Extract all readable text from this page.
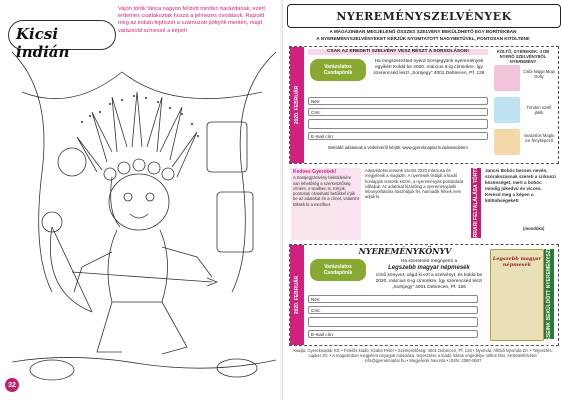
Kicsi indián
Vajon török tánca nagyon felizett minden barázdának, ezért érdemes csatlakoztak hozzá a jelmezes óvodások. Rajzold meg az indián fejdíszét a számozott pöttyök mentén, majd varázsold színessé a képet!
32
NYEREMÉNYSZELVÉNYEK
A MAGAZINBAN MEGJELENŐ ÖSSZES SZELVÉNY BEKÜLDHETŐ EGY BORÍTÉKBAN
A NYEREMÉNYSZELVÉNYEKET KÉRJÜK NYOMTATOTT NAGYBETŰVEL, PONTOSAN KITÖLTENI!
2020. FEBRUÁR
CSAK AZ EREDETI SZELVÉNY VESZ RÉSZT A SORSOLÁSON!
Varázslatos Csodapónik
Ha megszerezted nyerd Sorsjegyünk nyeremények egyikét! Küldd be 2020. március 6-ig címünkre. Így szerencséd lesz! „Sorsjegy” 4001 Debrecen, Pf. 126
Név:
Cím:
E-mail cím:
Beküldő adatainak a védelméről kérjük: www.gyereknaptar.hu/adatvedelem
KÖLTŐ, GYEREKEK: 4 DB NYERŐ SZELVÉNYBŐL NYEREMÉNY
Csibi Napja Moja Dolly
Tündéri szelfi játék
Varázslós Maglo ice-fényképező
Kedves Gyerekek!
A Sorsjegyzelvény beküldésére van lehetőség a szerkesztőség címére, e-mailben is. Kérjük, pontosan olvasható betűkkel írják be az adatokat és a címet, valamint töltsék ki a mezőket.
Adatvédelmi tervünk szerint 2020 márciusa és megjelenik a magazin. A nyertesek listáját a kiadó honlapján tesszük közzé, a nyeremények postázását vállaljuk. Az adatokat kizárólag a nyereményjáték lebonyolítására használjuk fel, harmadik félnek nem adjuk ki.	A FERRARI FELTALÁLÁSA TÖRTÉNIK Jancsi Bohóc becses nevén, szórakozásnak szereti a cirkuszi közönséget, mert a bohóc mindig jókedvű és vicces. Keresd meg a képen a különbségeket!
(mondóka)
2020. FEBRUÁR
NYEREMÉNYKÖNYV
Varázslatos Csodapónik
Ha szeretnéd megnyerni a
Legszebb magyar népmesék
című könyvet, vágd ki ezt a szelvényt, és küldd be 2020. március 6-ig címünkre. Így szerencséd lesz! „Sorsjegy” 4001 Debrecen, Pf. 126
Név:
Cím:
E-mail cím:
Legszebb magyar népmesék	NYERTESEINK BEKÜLDÖTT NYEREMÉNYSZELVÉNY
Kiadja: Gyereknaptár Kft. • Felelős kiadó: Szabó Péter • Szerkesztőség: 4001 Debrecen, Pf. 126 • Nyomda: Alföldi Nyomda Zrt. • Terjesztés: Lapker Zrt. • A magazinban megjelent anyagok másolása, terjesztése a kiadó írásos engedélye nélkül tilos. Hirdetésfelvétel: info@gyereknaptar.hu • Megjelenik havonta • ISSN: 2060-0607
